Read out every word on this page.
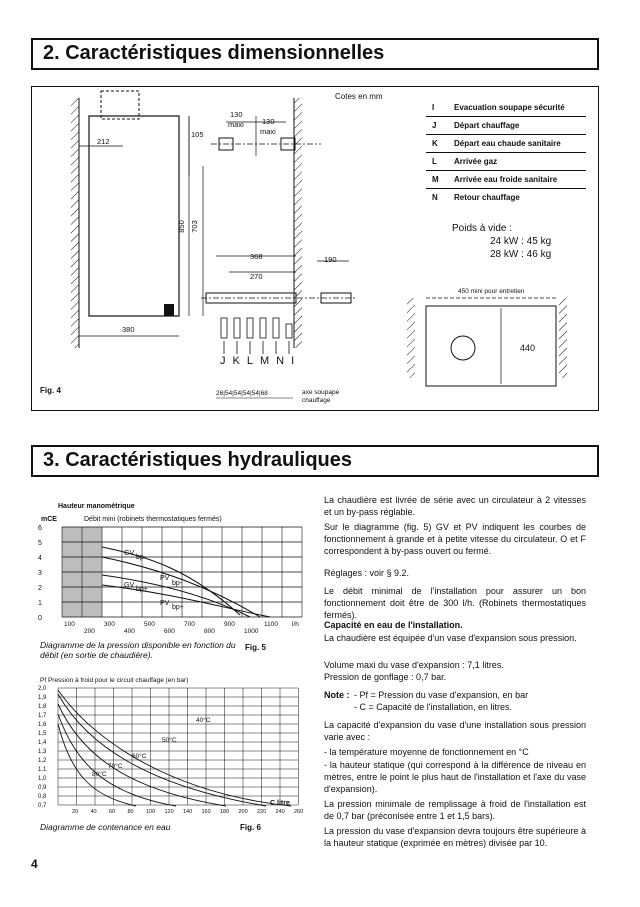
2. Caractéristiques dimensionnelles
Cotes en mm
212
105
850 703
380
130
maxi 130
maxi
368
270
190
440
450 mini pour entretien
JKLMNI
26|54|54|54|54|68	axe soupape
chauffage
Fig. 4
I	Evacuation soupape sécurité
J	Départ chauffage
K	Départ eau chaude sanitaire
L	Arrivée gaz
M	Arrivée eau froide sanitaire
N	Retour chauffage
Poids à vide :
24 kW : 45 kg
28 kW : 46 kg
3. Caractéristiques hydrauliques
Hauteur manométrique
mCE	Débit mini (robinets thermostatiques fermés)
6
5
4
3
2
1
0
GV
bp-
PV
bp-
GV
bp+
PV
bp+
100	300	500	700	900	1100
200	400	600	800	1000
l/h
Diagramme de la pression disponible en fonction du débit (en sortie de chaudière).
Fig. 5
Pf Pression à froid pour le circuit chauffage (en bar)
40°C
50°C
60°C
70°C
80°C
2,0
1,9
1,8
1,7
1,6
1,5
1,4
1,3
1,2
1,1
1,0
0,9
0,8
0,7
20 40 60 80 100 120 140 160 180 200 220 240 260
C litre
Diagramme de contenance en eau	Fig. 6
La chaudière est livrée de série avec un circulateur à 2 vitesses et un by-pass réglable.
Sur le diagramme (fig. 5) GV et PV indiquent les courbes de fonctionnement à grande et à petite vitesse du circulateur. O et F correspondent à by-pass ouvert ou fermé.
Réglages : voir § 9.2.
Le débit minimal de l'installation pour assurer un bon fonctionnement doit être de 300 l/h. (Robinets thermostatiques fermés).
Capacité en eau de l'installation.
La chaudière est équipée d'un vase d'expansion sous pression.
Volume maxi du vase d'expansion : 7,1 litres.
Pression de gonflage : 0,7 bar.
Note : - Pf = Pression du vase d'expansion, en bar
- C = Capacité de l'installation, en litres.
La capacité d'expansion du vase d'une installation sous pression varie avec :
- la température moyenne de fonctionnement en °C
- la hauteur statique (qui correspond à la différence de niveau en mètres, entre le point le plus haut de l'installation et l'axe du vase d'expansion).
La pression minimale de remplissage à froid de l'installation est de 0,7 bar (préconisée entre 1 et 1,5 bars).
La pression du vase d'expansion devra toujours être supérieure à la hauteur statique (exprimée en mètres) divisée par 10.
4
